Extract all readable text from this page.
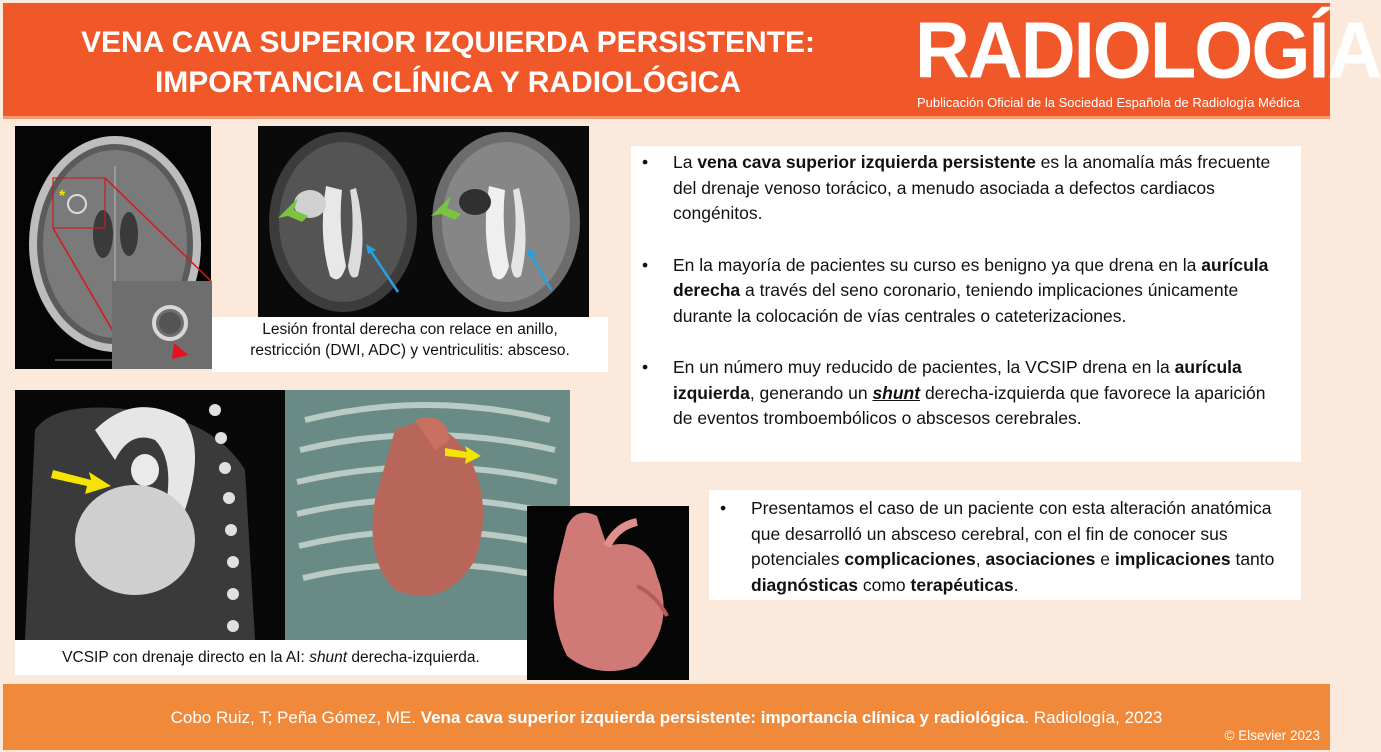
VENA CAVA SUPERIOR IZQUIERDA PERSISTENTE:
IMPORTANCIA CLÍNICA Y RADIOLÓGICA	RADIOLOGÍA
Publicación Oficial de la Sociedad Española de Radiología Médica
*
Lesión frontal derecha con relace en anillo,
restricción (DWI, ADC) y ventriculitis: absceso.
VCSIP con drenaje directo en la AI: shunt derecha-izquierda.
• La vena cava superior izquierda persistente es la anomalía más frecuente del drenaje venoso torácico, a menudo asociada a defectos cardiacos congénitos.
• En la mayoría de pacientes su curso es benigno ya que drena en la aurícula derecha a través del seno coronario, teniendo implicaciones únicamente durante la colocación de vías centrales o cateterizaciones.
• En un número muy reducido de pacientes, la VCSIP drena en la aurícula izquierda, generando un shunt derecha-izquierda que favorece la aparición de eventos tromboembólicos o abscesos cerebrales.
• Presentamos el caso de un paciente con esta alteración anatómica que desarrolló un absceso cerebral, con el fin de conocer sus potenciales complicaciones, asociaciones e implicaciones tanto diagnósticas como terapéuticas.
Cobo Ruiz, T; Peña Gómez, ME. Vena cava superior izquierda persistente: importancia clínica y radiológica. Radiología, 2023
© Elsevier 2023
